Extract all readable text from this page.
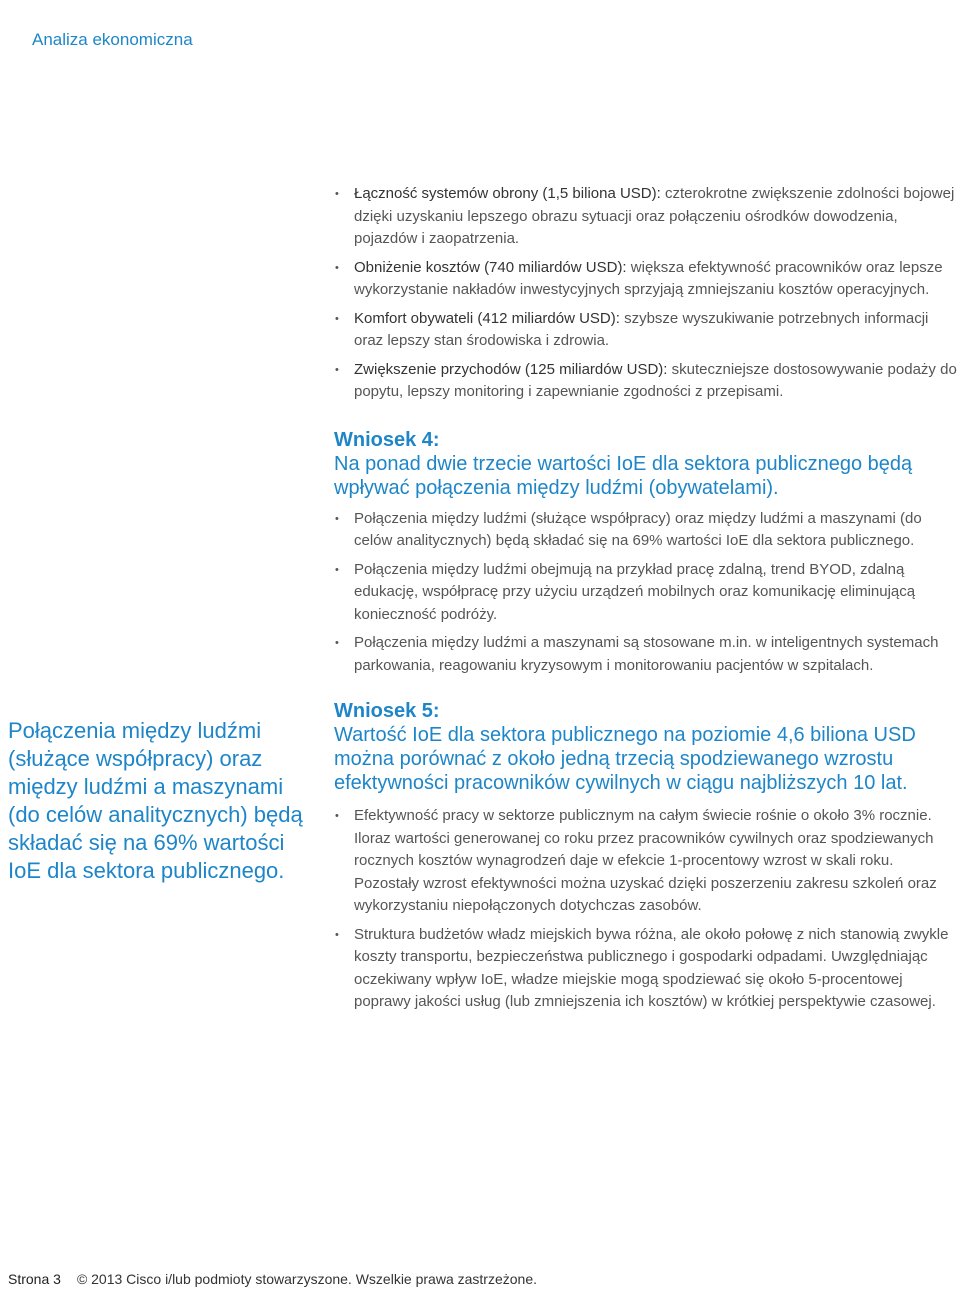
Analiza ekonomiczna
• Łączność systemów obrony (1,5 biliona USD): czterokrotne zwiększenie zdolności bojowej dzięki uzyskaniu lepszego obrazu sytuacji oraz połączeniu ośrodków dowodzenia, pojazdów i zaopatrzenia.
• Obniżenie kosztów (740 miliardów USD): większa efektywność pracowników oraz lepsze wykorzystanie nakładów inwestycyjnych sprzyjają zmniejszaniu kosztów operacyjnych.
• Komfort obywateli (412 miliardów USD): szybsze wyszukiwanie potrzebnych informacji oraz lepszy stan środowiska i zdrowia.
• Zwiększenie przychodów (125 miliardów USD): skuteczniejsze dostosowywanie podaży do popytu, lepszy monitoring i zapewnianie zgodności z przepisami.
Wniosek 4:
Na ponad dwie trzecie wartości IoE dla sektora publicznego będą wpływać połączenia między ludźmi (obywatelami).
• Połączenia między ludźmi (służące współpracy) oraz między ludźmi a maszynami (do celów analitycznych) będą składać się na 69% wartości IoE dla sektora publicznego.
• Połączenia między ludźmi obejmują na przykład pracę zdalną, trend BYOD, zdalną edukację, współpracę przy użyciu urządzeń mobilnych oraz komunikację eliminującą konieczność podróży.
• Połączenia między ludźmi a maszynami są stosowane m.in. w inteligentnych systemach parkowania, reagowaniu kryzysowym i monitorowaniu pacjentów w szpitalach.
Wniosek 5:
Wartość IoE dla sektora publicznego na poziomie 4,6 biliona USD można porównać z około jedną trzecią spodziewanego wzrostu efektywności pracowników cywilnych w ciągu najbliższych 10 lat.
• Efektywność pracy w sektorze publicznym na całym świecie rośnie o około 3% rocznie. Iloraz wartości generowanej co roku przez pracowników cywilnych oraz spodziewanych rocznych kosztów wynagrodzeń daje w efekcie 1-procentowy wzrost w skali roku. Pozostały wzrost efektywności można uzyskać dzięki poszerzeniu zakresu szkoleń oraz wykorzystaniu niepołączonych dotychczas zasobów.
• Struktura budżetów władz miejskich bywa różna, ale około połowę z nich stanowią zwykle koszty transportu, bezpieczeństwa publicznego i gospodarki odpadami. Uwzględniając oczekiwany wpływ IoE, władze miejskie mogą spodziewać się około 5-procentowej poprawy jakości usług (lub zmniejszenia ich kosztów) w krótkiej perspektywie czasowej.
Połączenia między ludźmi (służące współpracy) oraz między ludźmi a maszynami (do celów analitycznych) będą składać się na 69% wartości IoE dla sektora publicznego.
Strona 3 © 2013 Cisco i/lub podmioty stowarzyszone. Wszelkie prawa zastrzeżone.
